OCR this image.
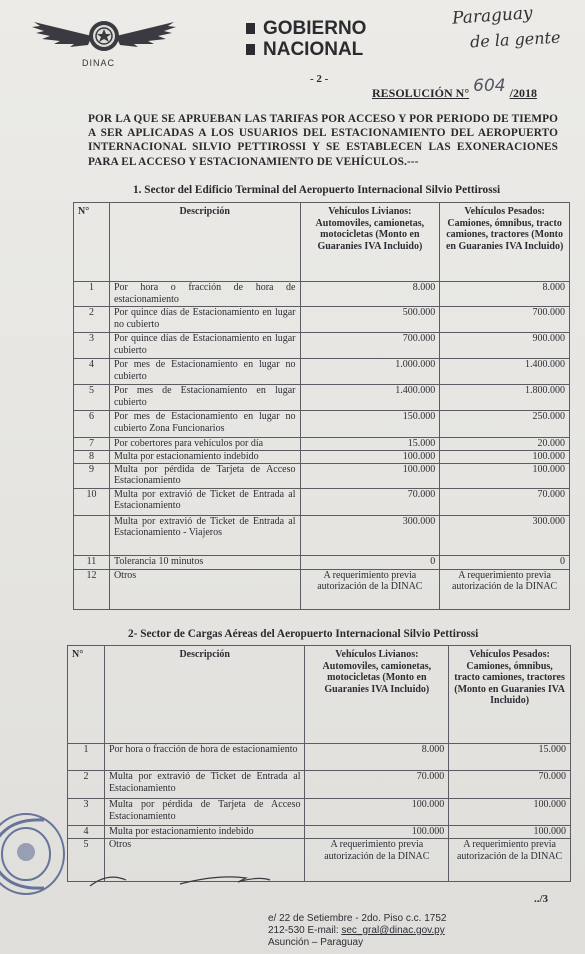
DINAC
GOBIERNO
NACIONAL
Paraguay
de la gente
- 2 -
RESOLUCIÓN N° 604 /2018
POR LA QUE SE APRUEBAN LAS TARIFAS POR ACCESO Y POR PERIODO DE TIEMPO A SER APLICADAS A LOS USUARIOS DEL ESTACIONAMIENTO DEL AEROPUERTO INTERNACIONAL SILVIO PETTIROSSI Y SE ESTABLECEN LAS EXONERACIONES PARA EL ACCESO Y ESTACIONAMIENTO DE VEHÍCULOS.---
1. Sector del Edificio Terminal del Aeropuerto Internacional Silvio Pettirossi
N°	Descripción	Vehículos Livianos: Automoviles, camionetas, motocicletas (Monto en Guaranies IVA Incluido)	Vehículos Pesados: Camiones, ómnibus, tracto camiones, tractores (Monto en Guaranies IVA Incluido)
1	Por hora o fracción de hora de estacionamiento	8.000	8.000
2	Por quince días de Estacionamiento en lugar no cubierto	500.000	700.000
3	Por quince días de Estacionamiento en lugar cubierto	700.000	900.000
4	Por mes de Estacionamiento en lugar no cubierto	1.000.000	1.400.000
5	Por mes de Estacionamiento en lugar cubierto	1.400.000	1.800.000
6	Por mes de Estacionamiento en lugar no cubierto Zona Funcionarios	150.000	250.000
7	Por cobertores para vehículos por día	15.000	20.000
8	Multa por estacionamiento indebido	100.000	100.000
9	Multa por pérdida de Tarjeta de Acceso Estacionamiento	100.000	100.000
10	Multa por extravió de Ticket de Entrada al Estacionamiento	70.000	70.000
	Multa por extravió de Ticket de Entrada al Estacionamiento - Viajeros	300.000	300.000
11	Tolerancia 10 minutos	0	0
12	Otros	A requerimiento previa autorización de la DINAC	A requerimiento previa autorización de la DINAC
2- Sector de Cargas Aéreas del Aeropuerto Internacional Silvio Pettirossi
N°	Descripción	Vehículos Livianos: Automoviles, camionetas, motocicletas (Monto en Guaranies IVA Incluido)	Vehículos Pesados: Camiones, ómnibus, tracto camiones, tractores (Monto en Guaranies IVA Incluido)
1	Por hora o fracción de hora de estacionamiento	8.000	15.000
2	Multa por extravió de Ticket de Entrada al Estacionamiento	70.000	70.000
3	Multa por pérdida de Tarjeta de Acceso Estacionamiento	100.000	100.000
4	Multa por estacionamiento indebido	100.000	100.000
5	Otros	A requerimiento previa autorización de la DINAC	A requerimiento previa autorización de la DINAC
../3
e/ 22 de Setiembre - 2do. Piso c.c. 1752
212-530 E-mail: sec_gral@dinac.gov.py
Asunción – Paraguay
